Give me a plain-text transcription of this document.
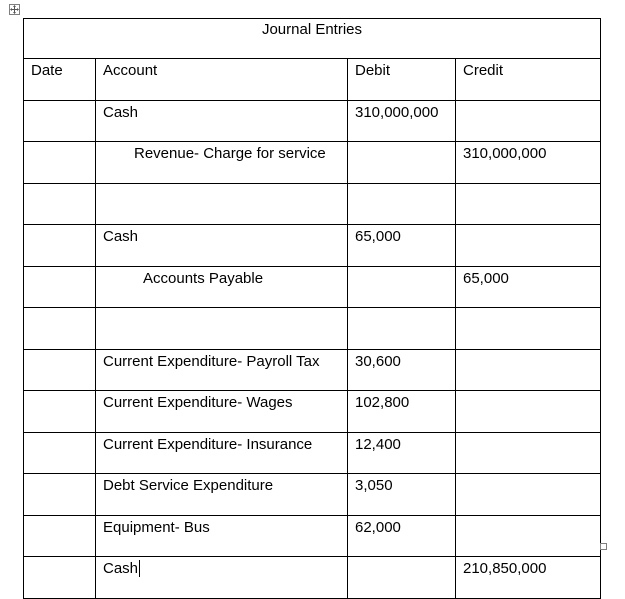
Journal Entries			
Date	Account	Debit	Credit
	Cash	310,000,000	
	Revenue- Charge for service		310,000,000

	Cash	65,000	
	Accounts Payable		65,000

	Current Expenditure- Payroll Tax	30,600	
	Current Expenditure- Wages	102,800	
	Current Expenditure- Insurance	12,400	
	Debt Service Expenditure	3,050	
	Equipment- Bus	62,000	
	Cash		210,850,000
